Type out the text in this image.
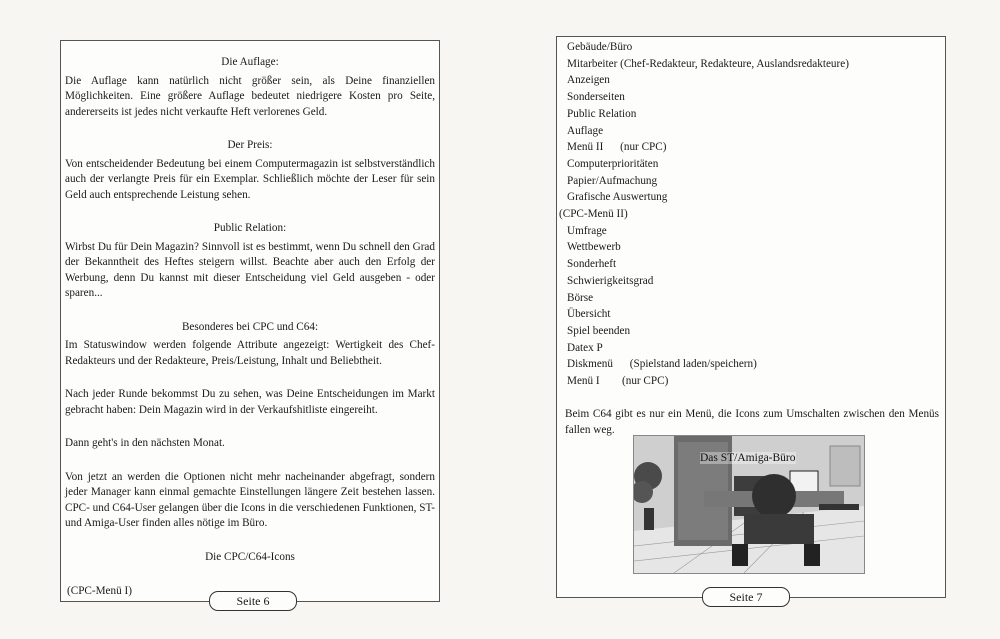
Die Auflage:
Die Auflage kann natürlich nicht größer sein, als Deine finanziellen Möglichkeiten. Eine größere Auflage bedeutet niedrigere Kosten pro Seite, andererseits ist jedes nicht verkaufte Heft verlorenes Geld.
Der Preis:
Von entscheidender Bedeutung bei einem Computermagazin ist selbstverständlich auch der verlangte Preis für ein Exemplar. Schließlich möchte der Leser für sein Geld auch entsprechende Leistung sehen.
Public Relation:
Wirbst Du für Dein Magazin? Sinnvoll ist es bestimmt, wenn Du schnell den Grad der Bekanntheit des Heftes steigern willst. Beachte aber auch den Erfolg der Werbung, denn Du kannst mit dieser Entscheidung viel Geld ausgeben - oder sparen...
Besonderes bei CPC und C64:
Im Statuswindow werden folgende Attribute angezeigt: Wertigkeit des Chef-Redakteurs und der Redakteure, Preis/Leistung, Inhalt und Beliebtheit.
Nach jeder Runde bekommst Du zu sehen, was Deine Entscheidungen im Markt gebracht haben: Dein Magazin wird in der Verkaufshitliste eingereiht.
Dann geht's in den nächsten Monat.
Von jetzt an werden die Optionen nicht mehr nacheinander abgefragt, sondern jeder Manager kann einmal gemachte Einstellungen längere Zeit bestehen lassen. CPC- und C64-User gelangen über die Icons in die verschiedenen Funktionen, ST- und Amiga-User finden alles nötige im Büro.
Die CPC/C64-Icons
(CPC-Menü I)
Seite 6
Gebäude/Büro
Mitarbeiter (Chef-Redakteur, Redakteure, Auslandsredakteure)
Anzeigen
Sonderseiten
Public Relation
Auflage
Menü II      (nur CPC)
Computerprioritäten
Papier/Aufmachung
Grafische Auswertung
(CPC-Menü II)
Umfrage
Wettbewerb
Sonderheft
Schwierigkeitsgrad
Börse
Übersicht
Spiel beenden
Datex P
Diskmenü      (Spielstand laden/speichern)
Menü I        (nur CPC)
Beim C64 gibt es nur ein Menü, die Icons zum Umschalten zwischen den Menüs fallen weg.
Das ST/Amiga-Büro
Seite 7
